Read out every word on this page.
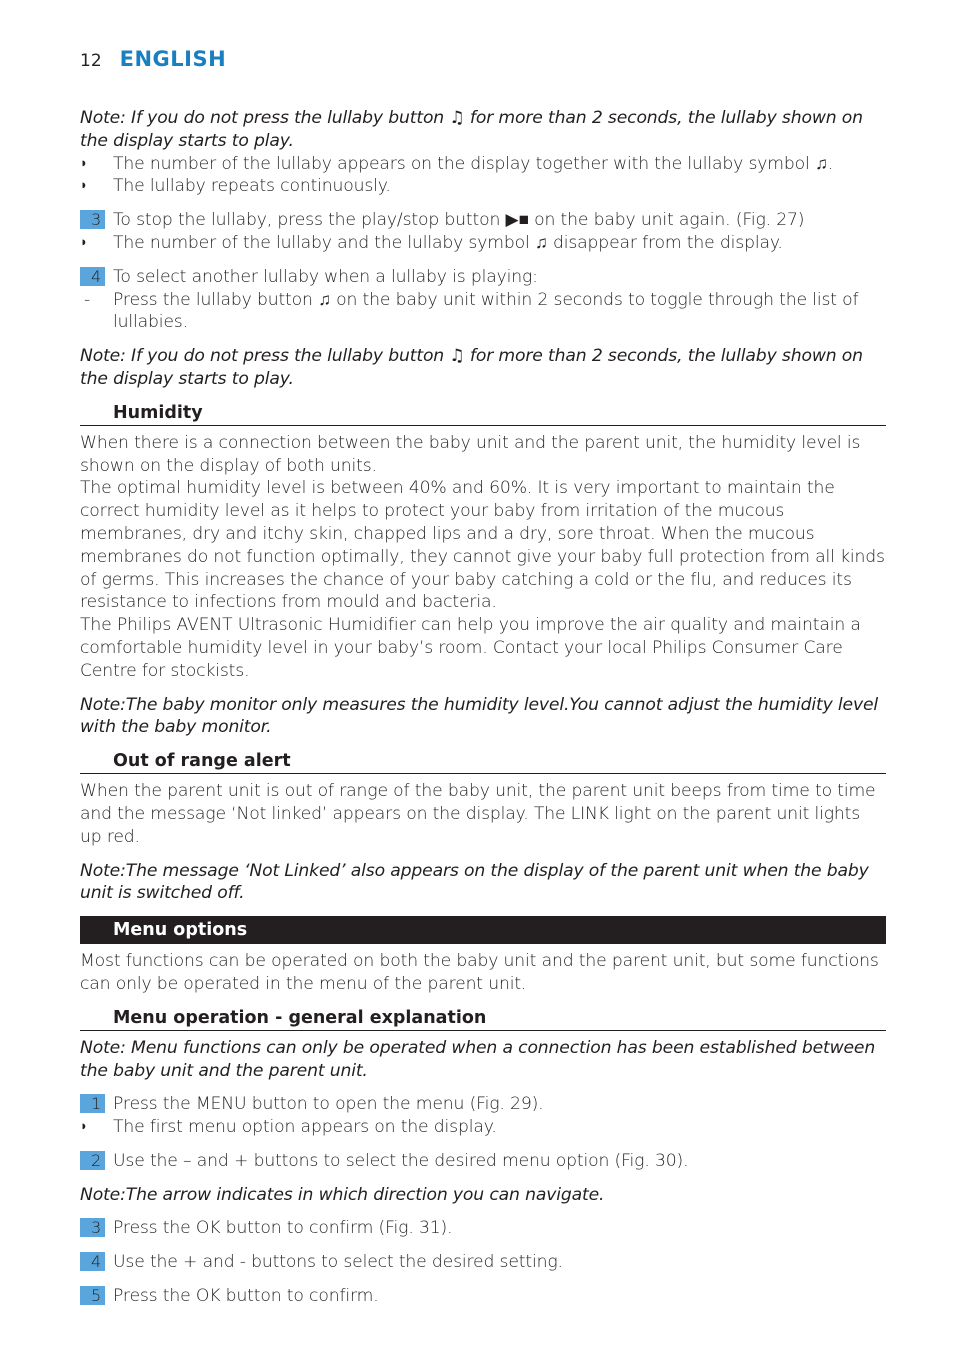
12 ENGLISH
Note: If you do not press the lullaby button ♫ for more than 2 seconds, the lullaby shown on the display starts to play.
◗ The number of the lullaby appears on the display together with the lullaby symbol ♫.
◗ The lullaby repeats continuously.
3 To stop the lullaby, press the play/stop button ▶■ on the baby unit again. (Fig. 27)
◗ The number of the lullaby and the lullaby symbol ♫ disappear from the display.
4 To select another lullaby when a lullaby is playing:
- Press the lullaby button ♫ on the baby unit within 2 seconds to toggle through the list of lullabies.
Note: If you do not press the lullaby button ♫ for more than 2 seconds, the lullaby shown on the display starts to play.
Humidity
When there is a connection between the baby unit and the parent unit, the humidity level is shown on the display of both units.
The optimal humidity level is between 40% and 60%. It is very important to maintain the correct humidity level as it helps to protect your baby from irritation of the mucous membranes, dry and itchy skin, chapped lips and a dry, sore throat. When the mucous membranes do not function optimally, they cannot give your baby full protection from all kinds of germs. This increases the chance of your baby catching a cold or the flu, and reduces its resistance to infections from mould and bacteria.
The Philips AVENT Ultrasonic Humidifier can help you improve the air quality and maintain a comfortable humidity level in your baby’s room. Contact your local Philips Consumer Care Centre for stockists.
Note:The baby monitor only measures the humidity level.You cannot adjust the humidity level with the baby monitor.
Out of range alert
When the parent unit is out of range of the baby unit, the parent unit beeps from time to time and the message ‘Not linked’ appears on the display. The LINK light on the parent unit lights up red.
Note:The message ‘Not Linked’ also appears on the display of the parent unit when the baby unit is switched off.
Menu options
Most functions can be operated on both the baby unit and the parent unit, but some functions can only be operated in the menu of the parent unit.
Menu operation - general explanation
Note: Menu functions can only be operated when a connection has been established between the baby unit and the parent unit.
1 Press the MENU button to open the menu (Fig. 29).
◗ The first menu option appears on the display.
2 Use the – and + buttons to select the desired menu option (Fig. 30).
Note:The arrow indicates in which direction you can navigate.
3 Press the OK button to confirm (Fig. 31).
4 Use the + and - buttons to select the desired setting.
5 Press the OK button to confirm.
